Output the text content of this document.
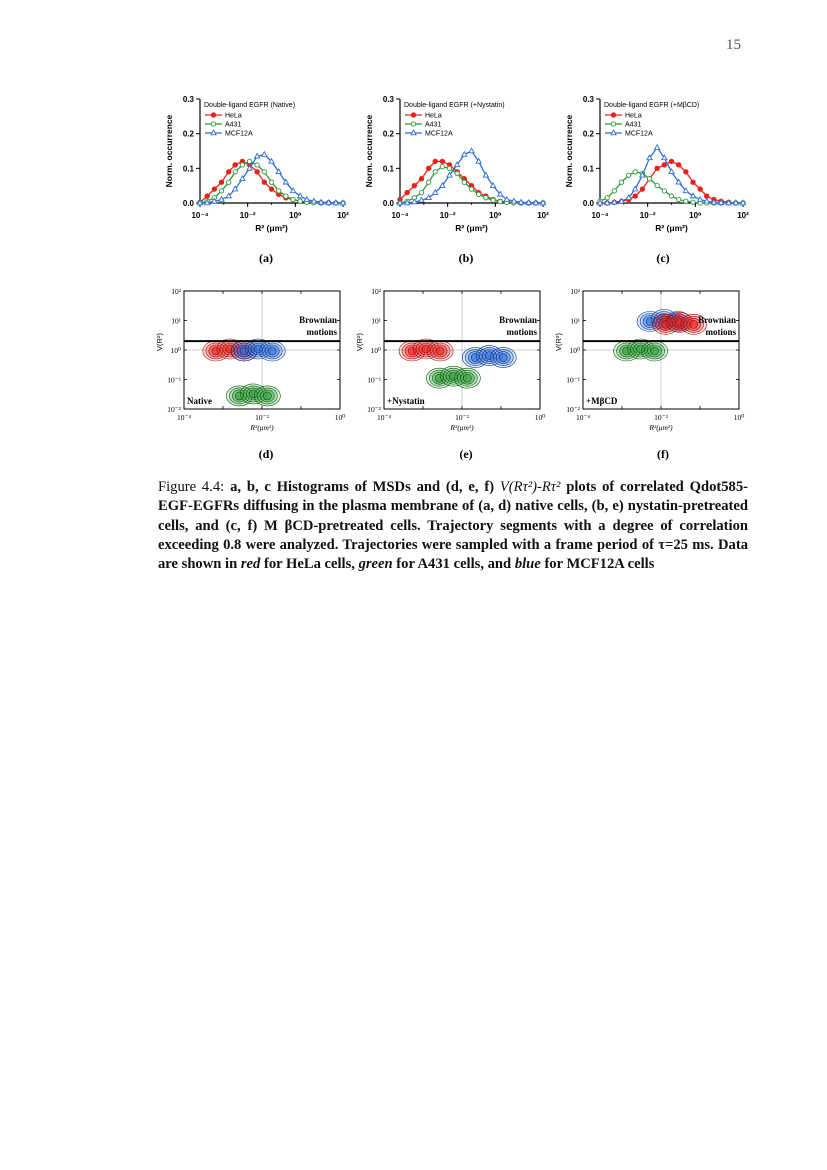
15
0.0
0.1
0.2
0.3
10⁻⁴	10⁻²	10⁰	10²
R² (μm²)
Norm. occurrence
Double-ligand EGFR (Native)
HeLa
A431
MCF12A
0.0
0.1
0.2
0.3
10⁻⁴	10⁻²	10⁰	10²
R² (μm²)
Norm. occurrence
Double-ligand EGFR (+Nystatin)
HeLa
A431
MCF12A
0.0
0.1
0.2
0.3
10⁻⁴	10⁻²	10⁰	10²
R² (μm²)
Norm. occurrence
Double-ligand EGFR (+MβCD)
HeLa
A431
MCF12A
10⁻²
10⁻¹
10⁰
10¹
10²
10⁻⁴	10⁻²	10⁰
R²(μm²)
V(R²)
Brownian
motions
Native
10⁻²
10⁻¹
10⁰
10¹
10²
10⁻⁴	10⁻²	10⁰
R²(μm²)
V(R²)
Brownian
motions
+Nystatin
10⁻²
10⁻¹
10⁰
10¹
10²
10⁻⁴	10⁻²	10⁰
R²(μm²)
V(R²)
Brownian
motions
+MβCD
(a)	(b)	(c)
(d)	(e)	(f)
Figure 4.4: a, b, c Histograms of MSDs and (d, e, f) V(Rτ²)-Rτ² plots of correlated Qdot585-EGF-EGFRs diffusing in the plasma membrane of (a, d) native cells, (b, e) nystatin-pretreated cells, and (c, f) M βCD-pretreated cells. Trajectory segments with a degree of correlation exceeding 0.8 were analyzed. Trajectories were sampled with a frame period of τ=25 ms. Data are shown in red for HeLa cells, green for A431 cells, and blue for MCF12A cells
